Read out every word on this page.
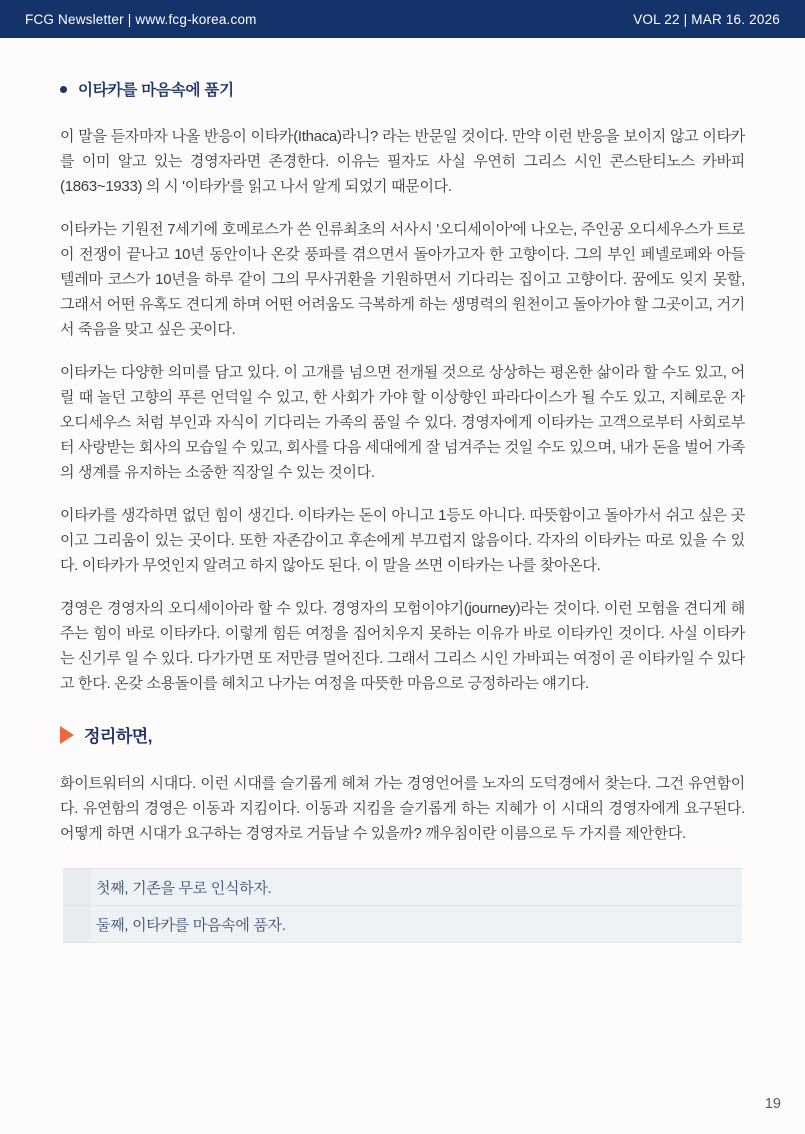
FCG Newsletter | www.fcg-korea.com	VOL 22 | MAR 16. 2026
이타카를 마음속에 품기

이 말을 듣자마자 나올 반응이 이타카(Ithaca)라니? 라는 반문일 것이다. 만약 이런 반응을 보이지 않고 이타카를 이미 알고 있는 경영자라면 존경한다. 이유는 필자도 사실 우연히 그리스 시인 콘스탄티노스 카바피(1863~1933) 의 시 '이타카'를 읽고 나서 알게 되었기 때문이다.

이타카는 기원전 7세기에 호메로스가 쓴 인류최초의 서사시 '오디세이아'에 나오는, 주인공 오디세우스가 트로이 전쟁이 끝나고 10년 동안이나 온갖 풍파를 겪으면서 돌아가고자 한 고향이다. 그의 부인 페넬로페와 아들 텔레마 코스가 10년을 하루 같이 그의 무사귀환을 기원하면서 기다리는 집이고 고향이다. 꿈에도 잊지 못할, 그래서 어떤 유혹도 견디게 하며 어떤 어려움도 극복하게 하는 생명력의 원천이고 돌아가야 할 그곳이고, 거기서 죽음을 맞고 싶은 곳이다.

이타카는 다양한 의미를 담고 있다. 이 고개를 넘으면 전개될 것으로 상상하는 평온한 삶이라 할 수도 있고, 어릴 때 놀던 고향의 푸른 언덕일 수 있고, 한 사회가 가야 할 이상향인 파라다이스가 될 수도 있고, 지혜로운 자 오디세우스 처럼 부인과 자식이 기다리는 가족의 품일 수 있다. 경영자에게 이타카는 고객으로부터 사회로부터 사랑받는 회사의 모습일 수 있고, 회사를 다음 세대에게 잘 넘겨주는 것일 수도 있으며, 내가 돈을 벌어 가족의 생계를 유지하는 소중한 직장일 수 있는 것이다.

이타카를 생각하면 없던 힘이 생긴다. 이타카는 돈이 아니고 1등도 아니다. 따뜻함이고 돌아가서 쉬고 싶은 곳이고 그리움이 있는 곳이다. 또한 자존감이고 후손에게 부끄럽지 않음이다. 각자의 이타카는 따로 있을 수 있다. 이타카가 무엇인지 알려고 하지 않아도 된다. 이 말을 쓰면 이타카는 나를 찾아온다.

경영은 경영자의 오디세이아라 할 수 있다. 경영자의 모험이야기(journey)라는 것이다. 이런 모험을 견디게 해주는 힘이 바로 이타카다. 이렇게 힘든 여정을 집어치우지 못하는 이유가 바로 이타카인 것이다. 사실 이타카는 신기루 일 수 있다. 다가가면 또 저만큼 멀어진다. 그래서 그리스 시인 가바피는 여정이 곧 이타카일 수 있다고 한다. 온갖 소용돌이를 헤치고 나가는 여정을 따뜻한 마음으로 긍정하라는 얘기다.

정리하면,

화이트워터의 시대다. 이런 시대를 슬기롭게 헤쳐 가는 경영언어를 노자의 도덕경에서 찾는다. 그건 유연함이다. 유연함의 경영은 이동과 지킴이다. 이동과 지킴을 슬기롭게 하는 지혜가 이 시대의 경영자에게 요구된다. 어떻게 하면 시대가 요구하는 경영자로 거듭날 수 있을까? 깨우침이란 이름으로 두 가지를 제안한다.

첫째, 기존을 무로 인식하자.
둘째, 이타카를 마음속에 품자.
19
